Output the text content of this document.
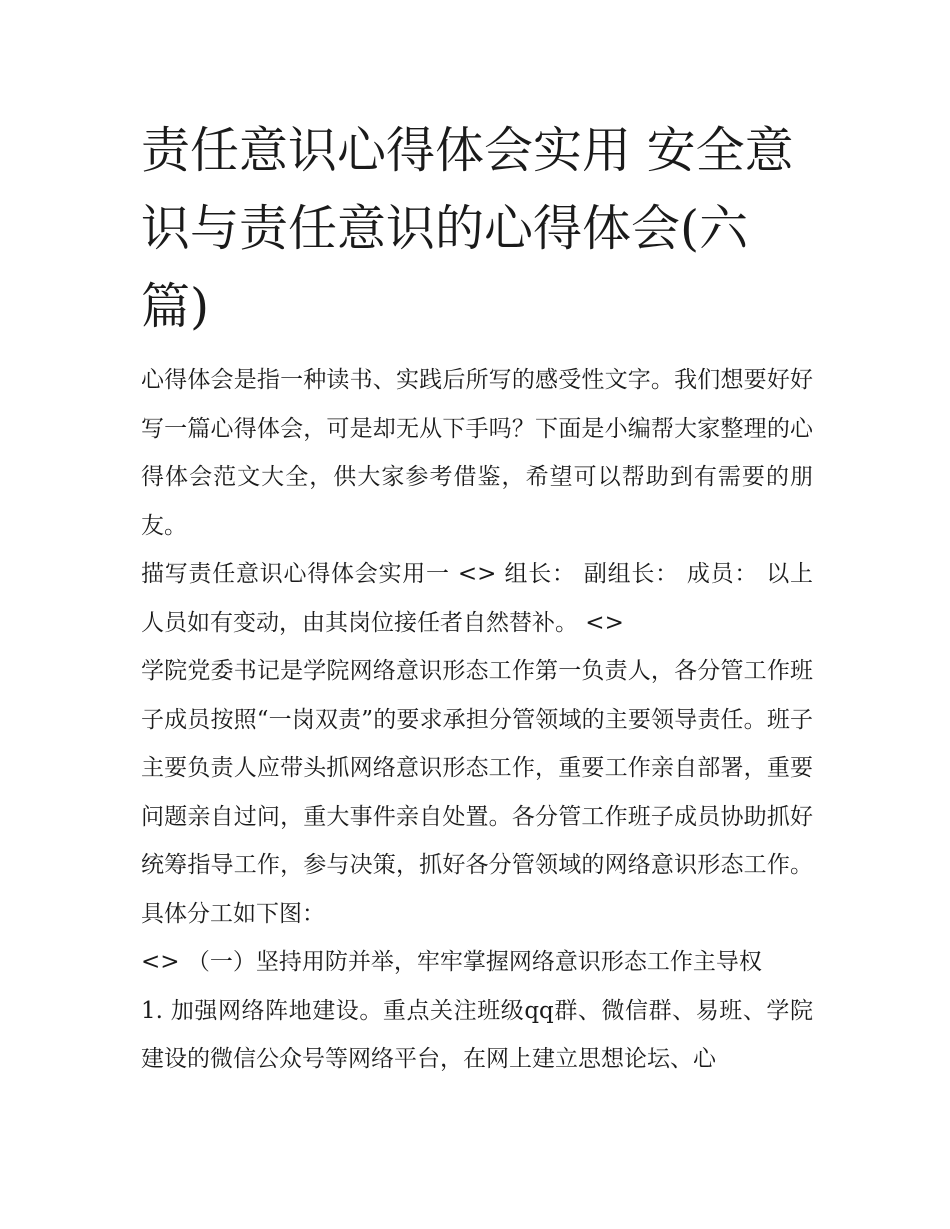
责任意识心得体会实用 安全意识与责任意识的心得体会(六篇)

心得体会是指一种读书、实践后所写的感受性文字。我们想要好好写一篇心得体会，可是却无从下手吗？下面是小编帮大家整理的心得体会范文大全，供大家参考借鉴，希望可以帮助到有需要的朋友。

描写责任意识心得体会实用一 <> 组长： 副组长： 成员： 以上人员如有变动，由其岗位接任者自然替补。 <>

学院党委书记是学院网络意识形态工作第一负责人，各分管工作班子成员按照“一岗双责”的要求承担分管领域的主要领导责任。班子主要负责人应带头抓网络意识形态工作，重要工作亲自部署，重要问题亲自过问，重大事件亲自处置。各分管工作班子成员协助抓好统筹指导工作，参与决策，抓好各分管领域的网络意识形态工作。具体分工如下图：

<> （一）坚持用防并举，牢牢掌握网络意识形态工作主导权

1. 加强网络阵地建设。重点关注班级qq群、微信群、易班、学院建设的微信公众号等网络平台，在网上建立思想论坛、心
